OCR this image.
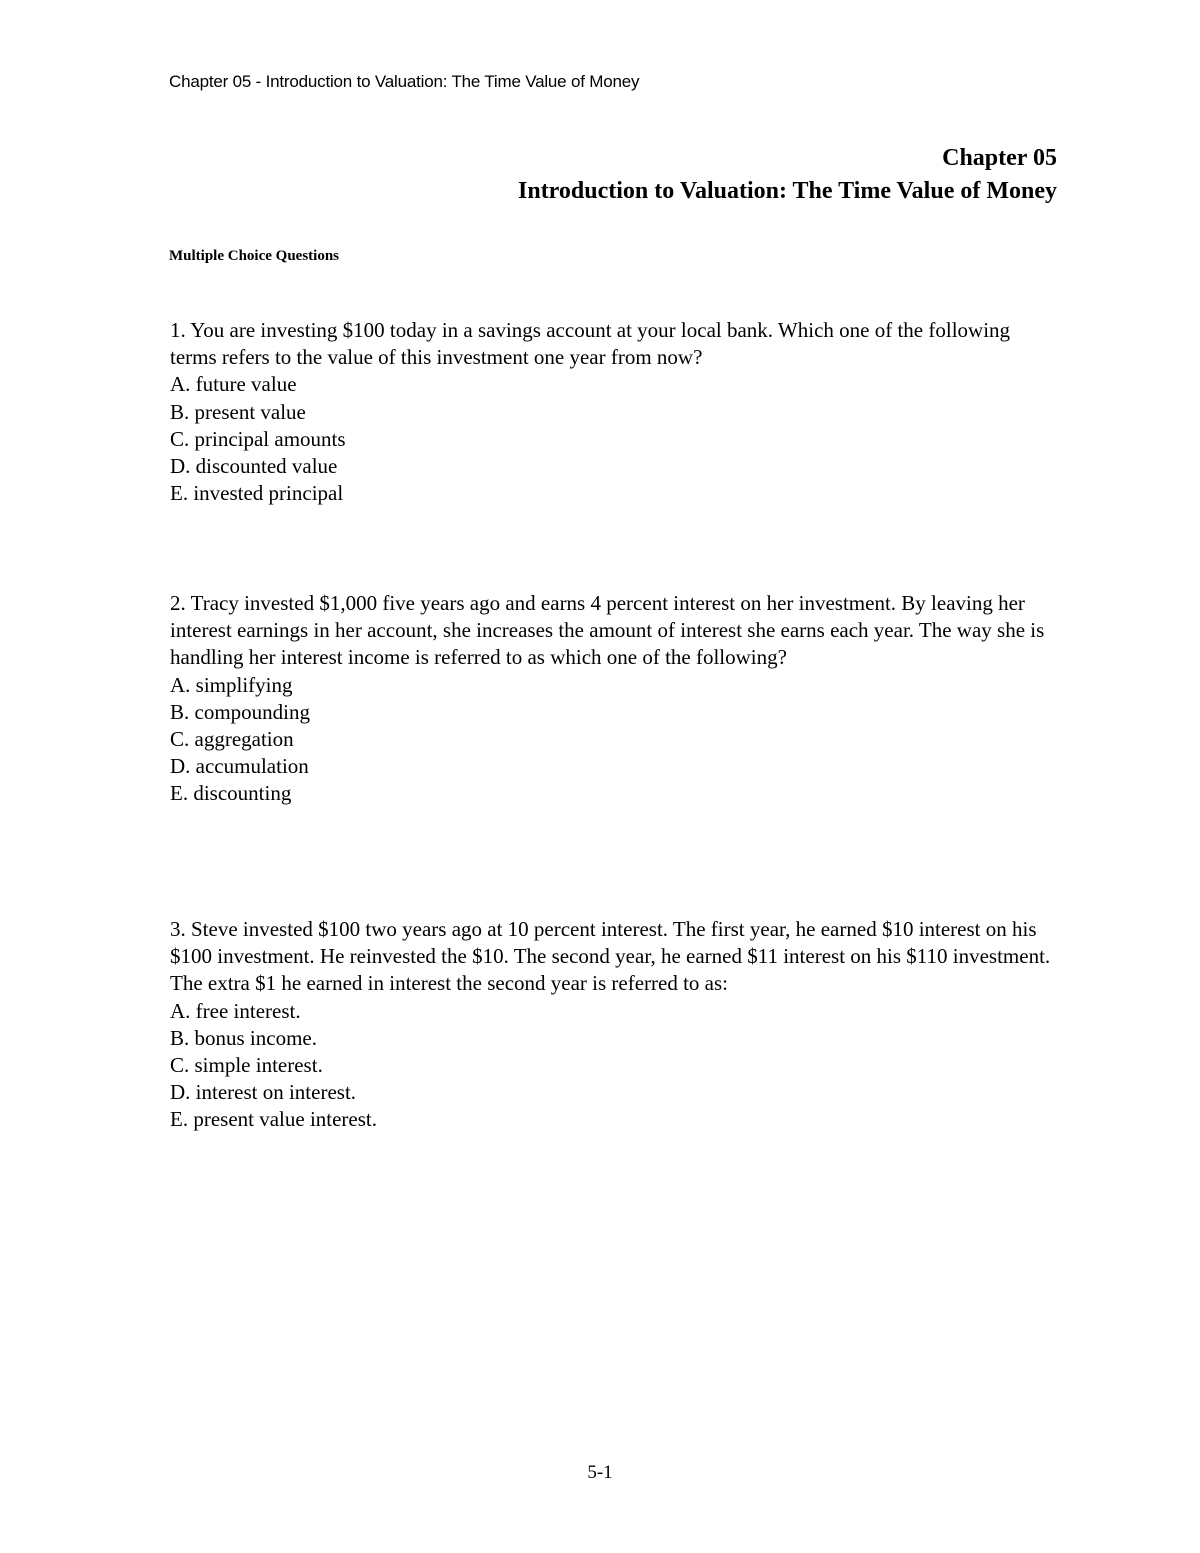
Chapter 05 - Introduction to Valuation: The Time Value of Money
Chapter 05
Introduction to Valuation: The Time Value of Money
Multiple Choice Questions

1. You are investing $100 today in a savings account at your local bank. Which one of the following terms refers to the value of this investment one year from now?

A. future value
B. present value
C. principal amounts
D. discounted value
E. invested principal

2. Tracy invested $1,000 five years ago and earns 4 percent interest on her investment. By leaving her interest earnings in her account, she increases the amount of interest she earns each year. The way she is handling her interest income is referred to as which one of the following?

A. simplifying
B. compounding
C. aggregation
D. accumulation
E. discounting

3. Steve invested $100 two years ago at 10 percent interest. The first year, he earned $10 interest on his $100 investment. He reinvested the $10. The second year, he earned $11 interest on his $110 investment. The extra $1 he earned in interest the second year is referred to as:

A. free interest.
B. bonus income.
C. simple interest.
D. interest on interest.
E. present value interest.
5-1
